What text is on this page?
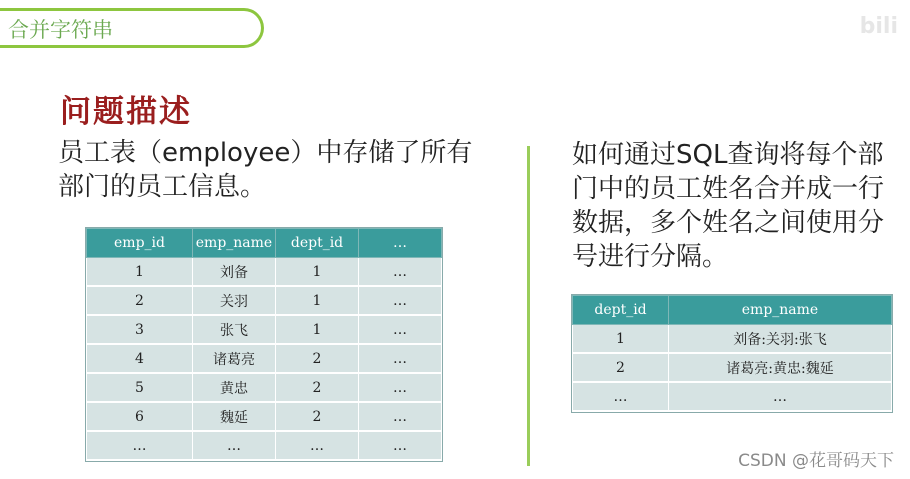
合并字符串	bili
问题描述
员工表（employee）中存储了所有部门的员工信息。
如何通过SQL查询将每个部门中的员工姓名合并成一行数据，多个姓名之间使用分号进行分隔。
emp_id	emp_name	dept_id	…
1	刘备	1	…
2	关羽	1	…
3	张飞	1	…
4	诸葛亮	2	…
5	黄忠	2	…
6	魏延	2	…
…	…	…	…
dept_id	emp_name
1	刘备:关羽:张飞
2	诸葛亮:黄忠:魏延
…	…
CSDN @花哥码天下
